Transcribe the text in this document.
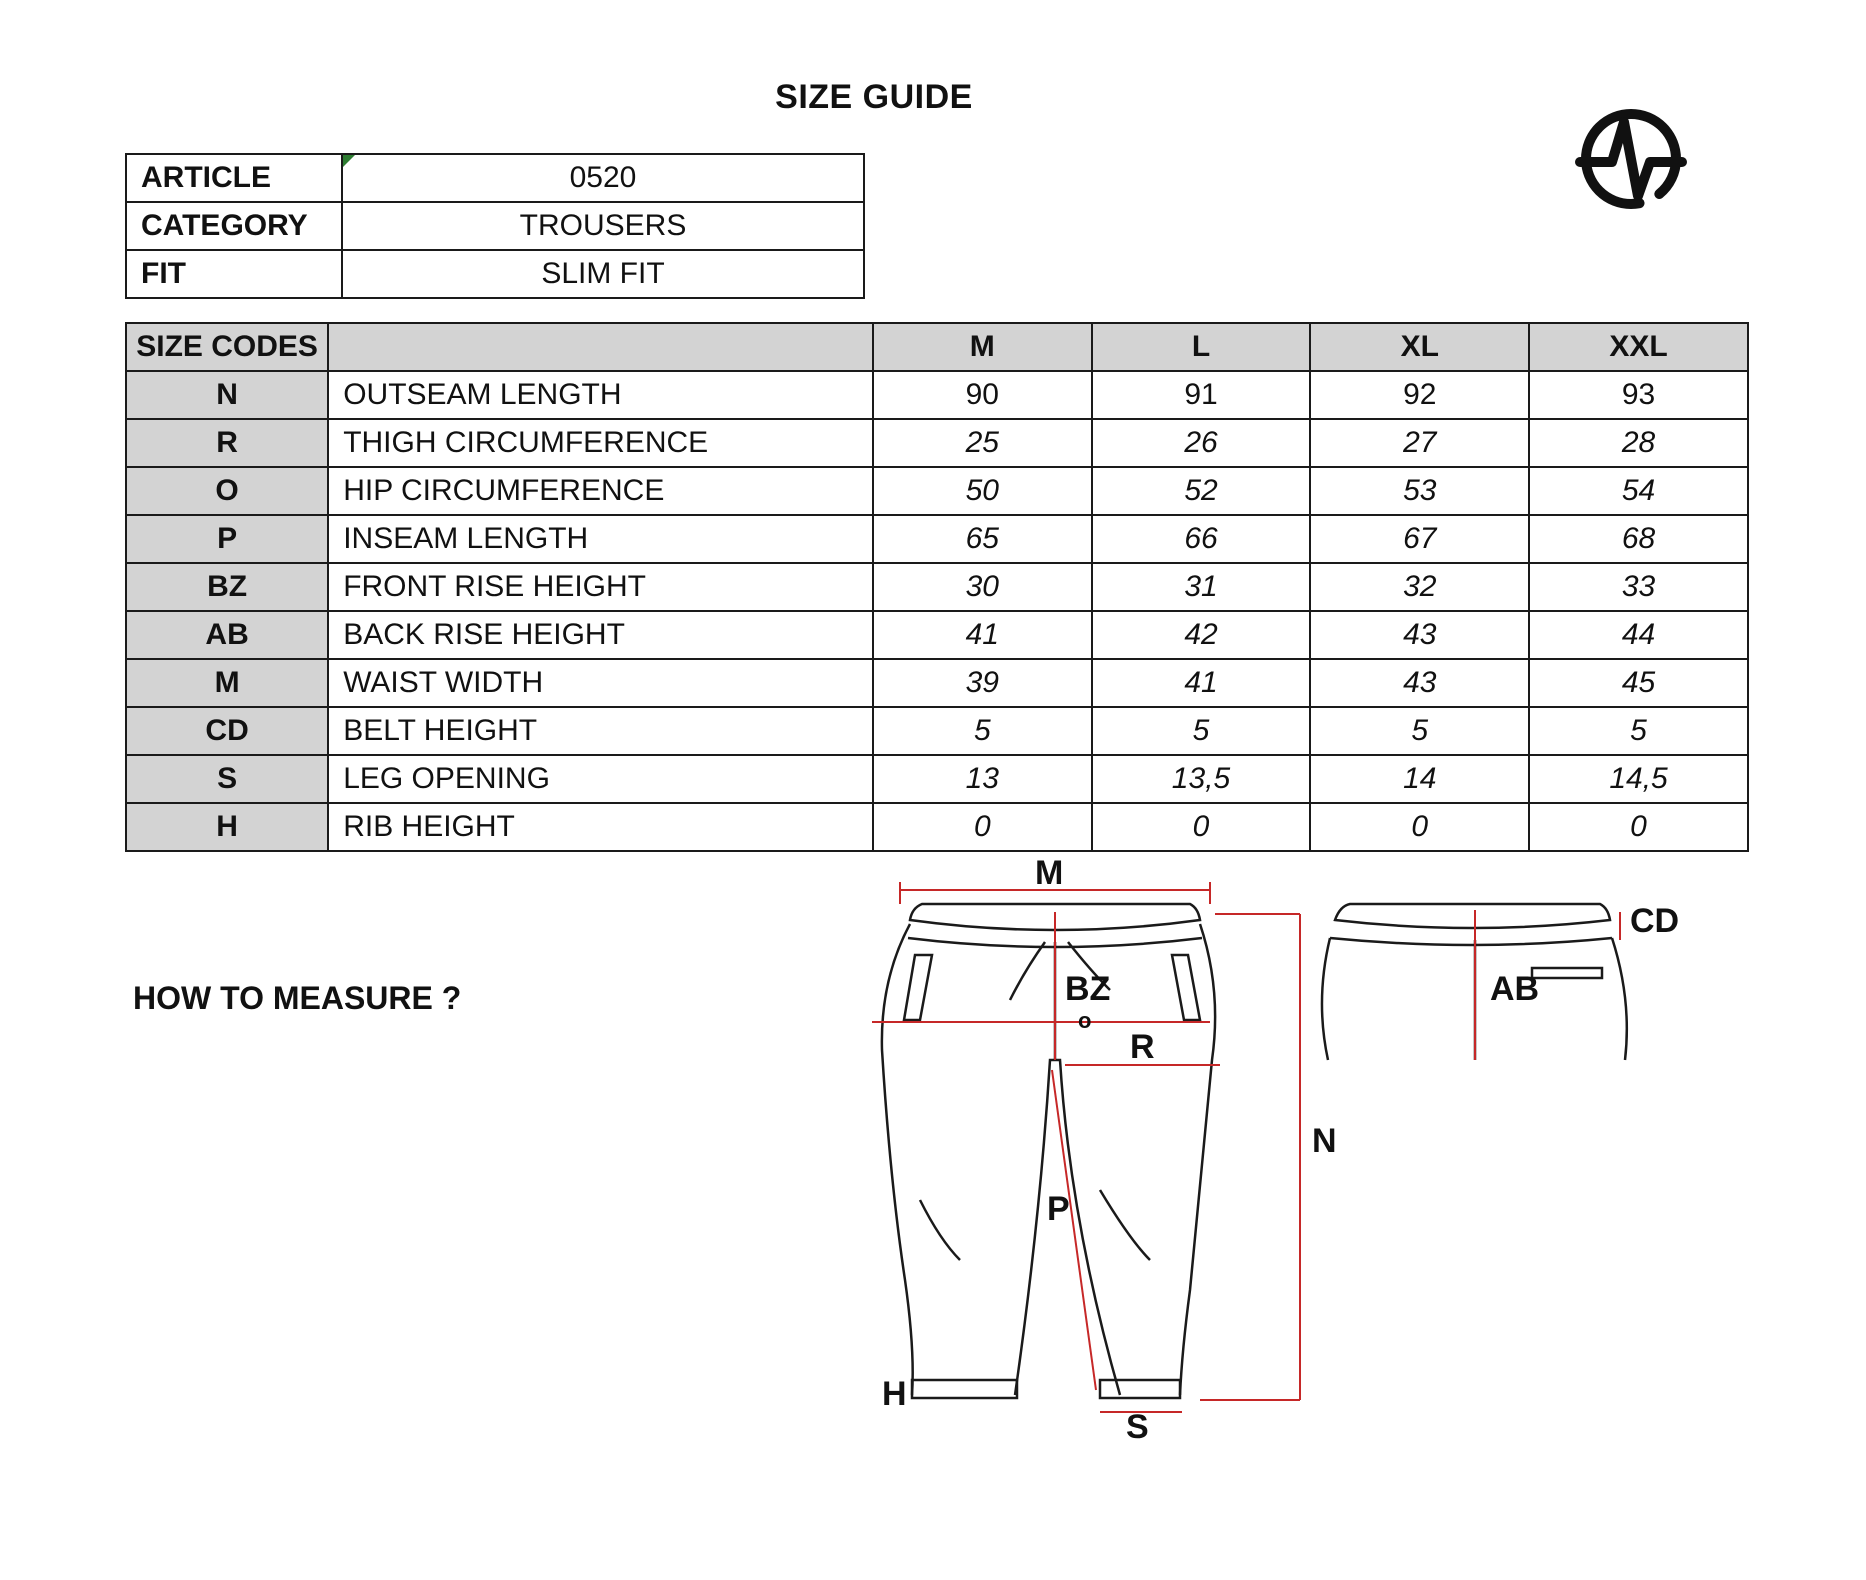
SIZE GUIDE
ARTICLE	0520
CATEGORY	TROUSERS
FIT	SLIM FIT
SIZE CODES		M	L	XL	XXL
N	OUTSEAM LENGTH	90	91	92	93
R	THIGH CIRCUMFERENCE	25	26	27	28
O	HIP CIRCUMFERENCE	50	52	53	54
P	INSEAM LENGTH	65	66	67	68
BZ	FRONT RISE HEIGHT	30	31	32	33
AB	BACK RISE HEIGHT	41	42	43	44
M	WAIST WIDTH	39	41	43	45
CD	BELT HEIGHT	5	5	5	5
S	LEG OPENING	13	13,5	14	14,5
H	RIB HEIGHT	0	0	0	0
HOW TO MEASURE ?
M
BZ
o
R
P
N
H
S
CD
AB
